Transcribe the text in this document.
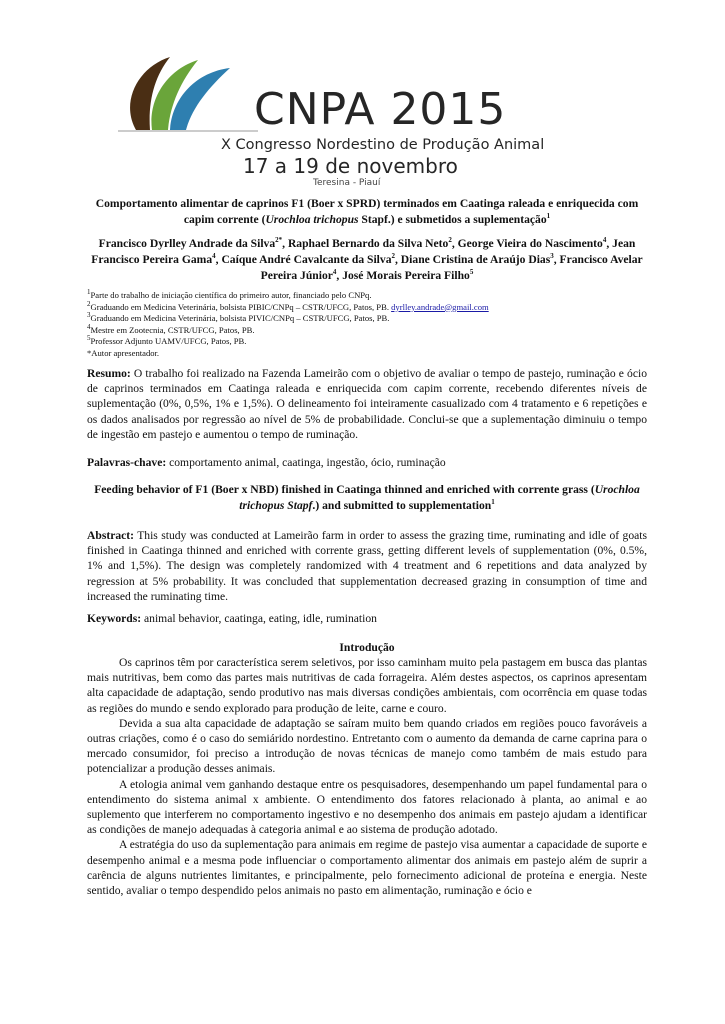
CNPA 2015
X Congresso Nordestino de Produção Animal
17 a 19 de novembro
Teresina - Piauí
Comportamento alimentar de caprinos F1 (Boer x SPRD) terminados em Caatinga raleada e enriquecida com capim corrente (Urochloa trichopus Stapf.) e submetidos a suplementação$^1$
Francisco Dyrlley Andrade da Silva$^{2*}$, Raphael Bernardo da Silva Neto$^2$, George Vieira do Nascimento$^4$, Jean Francisco Pereira Gama$^4$, Caíque André Cavalcante da Silva$^2$, Diane Cristina de Araújo Dias$^3$, Francisco Avelar Pereira Júnior$^4$, José Morais Pereira Filho$^5$
$^1$Parte do trabalho de iniciação científica do primeiro autor, financiado pelo CNPq.
$^2$Graduando em Medicina Veterinária, bolsista PIBIC/CNPq – CSTR/UFCG, Patos, PB. dyrlley.andrade@gmail.com
$^3$Graduando em Medicina Veterinária, bolsista PIVIC/CNPq – CSTR/UFCG, Patos, PB.
$^4$Mestre em Zootecnia, CSTR/UFCG, Patos, PB.
$^5$Professor Adjunto UAMV/UFCG, Patos, PB.
*Autor apresentador.
Resumo: O trabalho foi realizado na Fazenda Lameirão com o objetivo de avaliar o tempo de pastejo, ruminação e ócio de caprinos terminados em Caatinga raleada e enriquecida com capim corrente, recebendo diferentes níveis de suplementação (0%, 0,5%, 1% e 1,5%). O delineamento foi inteiramente casualizado com 4 tratamento e 6 repetições e os dados analisados por regressão ao nível de 5% de probabilidade. Conclui-se que a suplementação diminuiu o tempo de ingestão em pastejo e aumentou o tempo de ruminação.
Palavras-chave: comportamento animal, caatinga, ingestão, ócio, ruminação
Feeding behavior of F1 (Boer x NBD) finished in Caatinga thinned and enriched with corrente grass (Urochloa trichopus Stapf.) and submitted to supplementation$^1$
Abstract: This study was conducted at Lameirão farm in order to assess the grazing time, ruminating and idle of goats finished in Caatinga thinned and enriched with corrente grass, getting different levels of supplementation (0%, 0.5%, 1% and 1,5%). The design was completely randomized with 4 treatment and 6 repetitions and data analyzed by regression at 5% probability. It was concluded that supplementation decreased grazing in consumption of time and increased the ruminating time.
Keywords: animal behavior, caatinga, eating, idle, rumination
Introdução
Os caprinos têm por característica serem seletivos, por isso caminham muito pela pastagem em busca das plantas mais nutritivas, bem como das partes mais nutritivas de cada forrageira. Além destes aspectos, os caprinos apresentam alta capacidade de adaptação, sendo produtivo nas mais diversas condições ambientais, com ocorrência em quase todas as regiões do mundo e sendo explorado para produção de leite, carne e couro.
Devida a sua alta capacidade de adaptação se saíram muito bem quando criados em regiões pouco favoráveis a outras criações, como é o caso do semiárido nordestino. Entretanto com o aumento da demanda de carne caprina para o mercado consumidor, foi preciso a introdução de novas técnicas de manejo como também de mais estudo para potencializar a produção desses animais.
A etologia animal vem ganhando destaque entre os pesquisadores, desempenhando um papel fundamental para o entendimento do sistema animal x ambiente. O entendimento dos fatores relacionado à planta, ao animal e ao suplemento que interferem no comportamento ingestivo e no desempenho dos animais em pastejo ajudam a identificar as condições de manejo adequadas à categoria animal e ao sistema de produção adotado.
A estratégia do uso da suplementação para animais em regime de pastejo visa aumentar a capacidade de suporte e desempenho animal e a mesma pode influenciar o comportamento alimentar dos animais em pastejo além de suprir a carência de alguns nutrientes limitantes, e principalmente, pelo fornecimento adicional de proteína e energia. Neste sentido, avaliar o tempo despendido pelos animais no pasto em alimentação, ruminação e ócio e
